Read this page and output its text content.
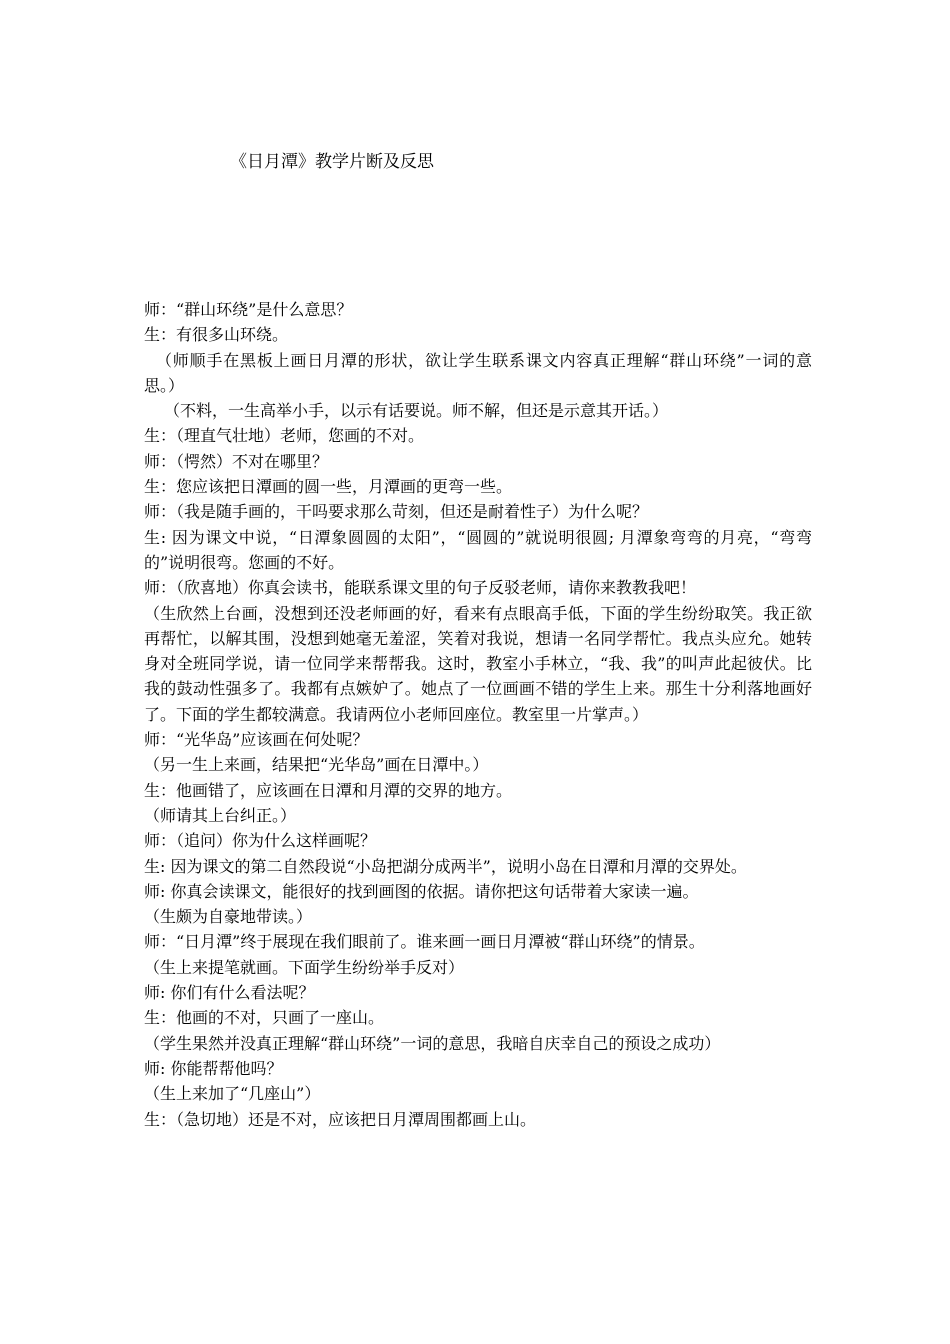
《日月潭》教学片断及反思

师：“群山环绕”是什么意思？

生：有很多山环绕。

（师顺手在黑板上画日月潭的形状，欲让学生联系课文内容真正理解“群山环绕”一词的意思。）

（不料，一生高举小手，以示有话要说。师不解，但还是示意其开话。）

生：（理直气壮地）老师，您画的不对。

师：（愕然）不对在哪里？

生：您应该把日潭画的圆一些，月潭画的更弯一些。

师：（我是随手画的，干吗要求那么苛刻，但还是耐着性子）为什么呢？

生: 因为课文中说，“日潭象圆圆的太阳”，“圆圆的”就说明很圆; 月潭象弯弯的月亮，“弯弯的”说明很弯。您画的不好。

师：（欣喜地）你真会读书，能联系课文里的句子反驳老师，请你来教教我吧！

（生欣然上台画，没想到还没老师画的好，看来有点眼高手低，下面的学生纷纷取笑。我正欲再帮忙，以解其围，没想到她毫无羞涩，笑着对我说，想请一名同学帮忙。我点头应允。她转身对全班同学说，请一位同学来帮帮我。这时，教室小手林立，“我、我”的叫声此起彼伏。比我的鼓动性强多了。我都有点嫉妒了。她点了一位画画不错的学生上来。那生十分利落地画好了。下面的学生都较满意。我请两位小老师回座位。教室里一片掌声。）

师：“光华岛”应该画在何处呢？

（另一生上来画，结果把“光华岛”画在日潭中。）

生：他画错了，应该画在日潭和月潭的交界的地方。

（师请其上台纠正。）

师：（追问）你为什么这样画呢？

生: 因为课文的第二自然段说“小岛把湖分成两半”，说明小岛在日潭和月潭的交界处。

师: 你真会读课文，能很好的找到画图的依据。请你把这句话带着大家读一遍。

（生颇为自豪地带读。）

师：“日月潭”终于展现在我们眼前了。谁来画一画日月潭被“群山环绕”的情景。

（生上来提笔就画。下面学生纷纷举手反对）

师: 你们有什么看法呢？

生：他画的不对，只画了一座山。

（学生果然并没真正理解“群山环绕”一词的意思，我暗自庆幸自己的预设之成功）

师: 你能帮帮他吗？

（生上来加了“几座山”）

生：（急切地）还是不对，应该把日月潭周围都画上山。
